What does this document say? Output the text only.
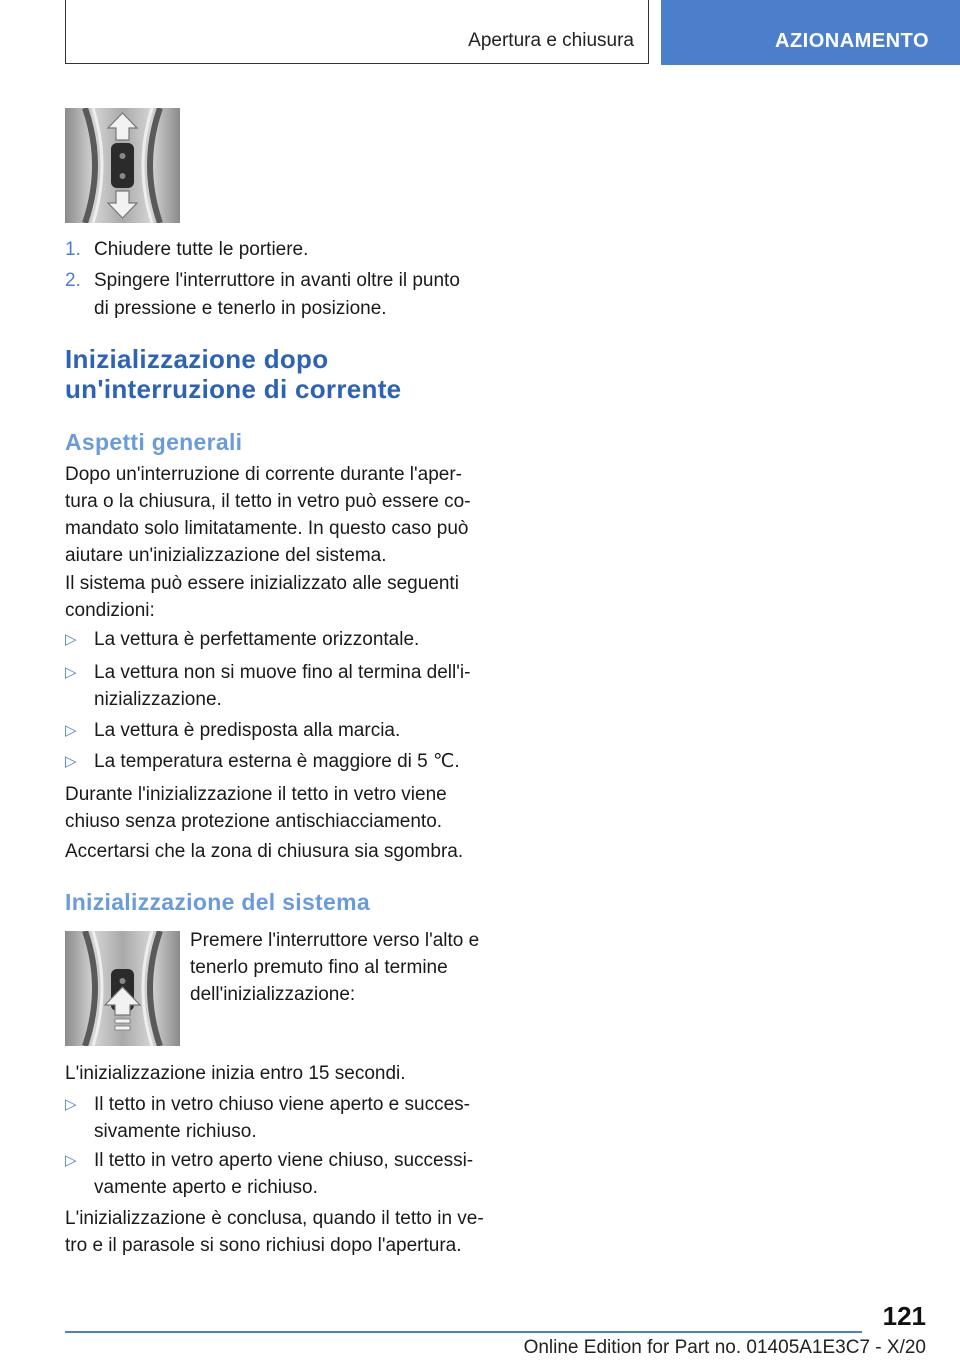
Apertura e chiusura	AZIONAMENTO
1. Chiudere tutte le portiere.
2. Spingere l'interruttore in avanti oltre il punto di pressione e tenerlo in posizione.
Inizializzazione dopo
un'interruzione di corrente
Aspetti generali
Dopo un'interruzione di corrente durante l'aper- tura o la chiusura, il tetto in vetro può essere co- mandato solo limitatamente. In questo caso può aiutare un'inizializzazione del sistema.
Il sistema può essere inizializzato alle seguenti condizioni:
▷ La vettura è perfettamente orizzontale.
▷ La vettura non si muove fino al termina dell'i- nizializzazione.
▷ La vettura è predisposta alla marcia.
▷ La temperatura esterna è maggiore di 5 ℃.
Durante l'inizializzazione il tetto in vetro viene chiuso senza protezione antischiacciamento.
Accertarsi che la zona di chiusura sia sgombra.
Inizializzazione del sistema
Premere l'interruttore verso l'alto e tenerlo premuto fino al termine dell'inizializzazione:
L'inizializzazione inizia entro 15 secondi.
▷ Il tetto in vetro chiuso viene aperto e succes- sivamente richiuso.
▷ Il tetto in vetro aperto viene chiuso, successi- vamente aperto e richiuso.
L'inizializzazione è conclusa, quando il tetto in ve- tro e il parasole si sono richiusi dopo l'apertura.
121
Online Edition for Part no. 01405A1E3C7 - X/20
